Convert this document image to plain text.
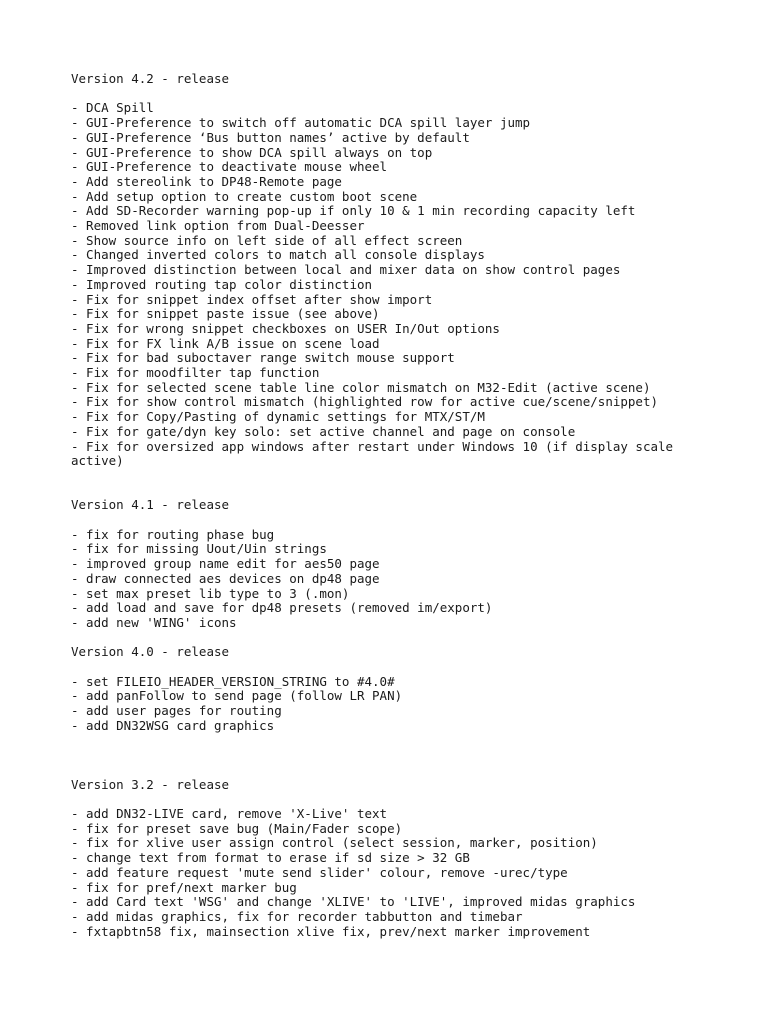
Version 4.2 - release

- DCA Spill
- GUI-Preference to switch off automatic DCA spill layer jump
- GUI-Preference ‘Bus button names’ active by default
- GUI-Preference to show DCA spill always on top
- GUI-Preference to deactivate mouse wheel
- Add stereolink to DP48-Remote page
- Add setup option to create custom boot scene
- Add SD-Recorder warning pop-up if only 10 & 1 min recording capacity left
- Removed link option from Dual-Deesser
- Show source info on left side of all effect screen
- Changed inverted colors to match all console displays
- Improved distinction between local and mixer data on show control pages
- Improved routing tap color distinction
- Fix for snippet index offset after show import
- Fix for snippet paste issue (see above)
- Fix for wrong snippet checkboxes on USER In/Out options
- Fix for FX link A/B issue on scene load
- Fix for bad suboctaver range switch mouse support
- Fix for moodfilter tap function
- Fix for selected scene table line color mismatch on M32-Edit (active scene)
- Fix for show control mismatch (highlighted row for active cue/scene/snippet)
- Fix for Copy/Pasting of dynamic settings for MTX/ST/M
- Fix for gate/dyn key solo: set active channel and page on console
- Fix for oversized app windows after restart under Windows 10 (if display scale
active)

Version 4.1 - release

- fix for routing phase bug
- fix for missing Uout/Uin strings
- improved group name edit for aes50 page
- draw connected aes devices on dp48 page
- set max preset lib type to 3 (.mon)
- add load and save for dp48 presets (removed im/export)
- add new 'WING' icons

Version 4.0 - release

- set FILEIO_HEADER_VERSION_STRING to #4.0#
- add panFollow to send page (follow LR PAN)
- add user pages for routing
- add DN32WSG card graphics

Version 3.2 - release

- add DN32-LIVE card, remove 'X-Live' text
- fix for preset save bug (Main/Fader scope)
- fix for xlive user assign control (select session, marker, position)
- change text from format to erase if sd size > 32 GB
- add feature request 'mute send slider' colour, remove -urec/type
- fix for pref/next marker bug
- add Card text 'WSG' and change 'XLIVE' to 'LIVE', improved midas graphics
- add midas graphics, fix for recorder tabbutton and timebar
- fxtapbtn58 fix, mainsection xlive fix, prev/next marker improvement
